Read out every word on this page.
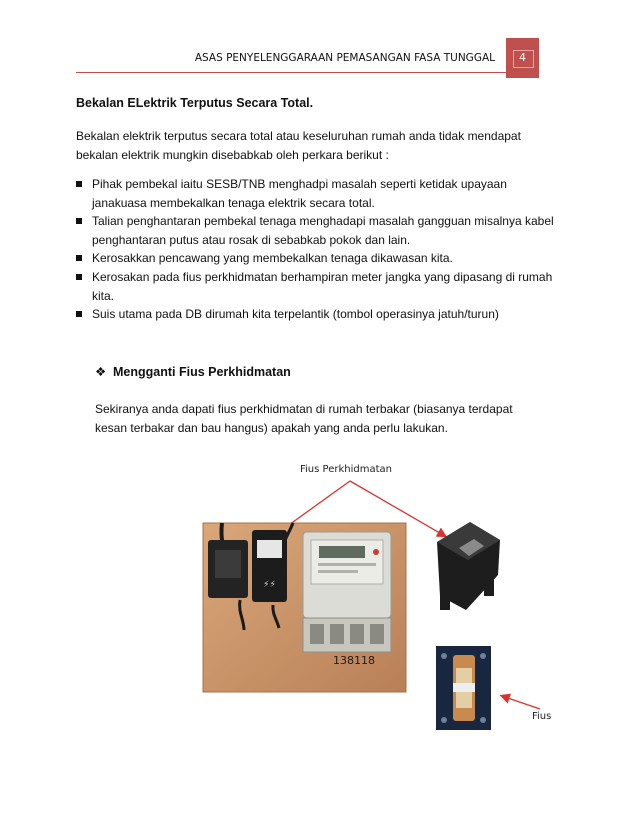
ASAS PENYELENGGARAAN PEMASANGAN FASA TUNGGAL	4
Bekalan ELektrik Terputus Secara Total.
Bekalan elektrik terputus secara total atau keseluruhan rumah anda tidak mendapat bekalan elektrik mungkin disebabkab oleh perkara berikut :
Pihak pembekal iaitu SESB/TNB menghadpi masalah seperti ketidak upayaan janakuasa membekalkan tenaga elektrik secara total.
Talian penghantaran pembekal tenaga menghadapi masalah gangguan misalnya kabel penghantaran putus atau rosak di sebabkab pokok dan lain.
Kerosakkan pencawang yang membekalkan tenaga dikawasan kita.
Kerosakan pada fius perkhidmatan berhampiran meter jangka yang dipasang di rumah kita.
Suis utama pada DB dirumah kita terpelantik (tombol operasinya jatuh/turun)
❖ Mengganti Fius Perkhidmatan
Sekiranya anda dapati fius perkhidmatan di rumah terbakar (biasanya terdapat kesan terbakar dan bau hangus) apakah yang anda perlu lakukan.
Fius Perkhidmatan
Fius
⚡⚡
138118
